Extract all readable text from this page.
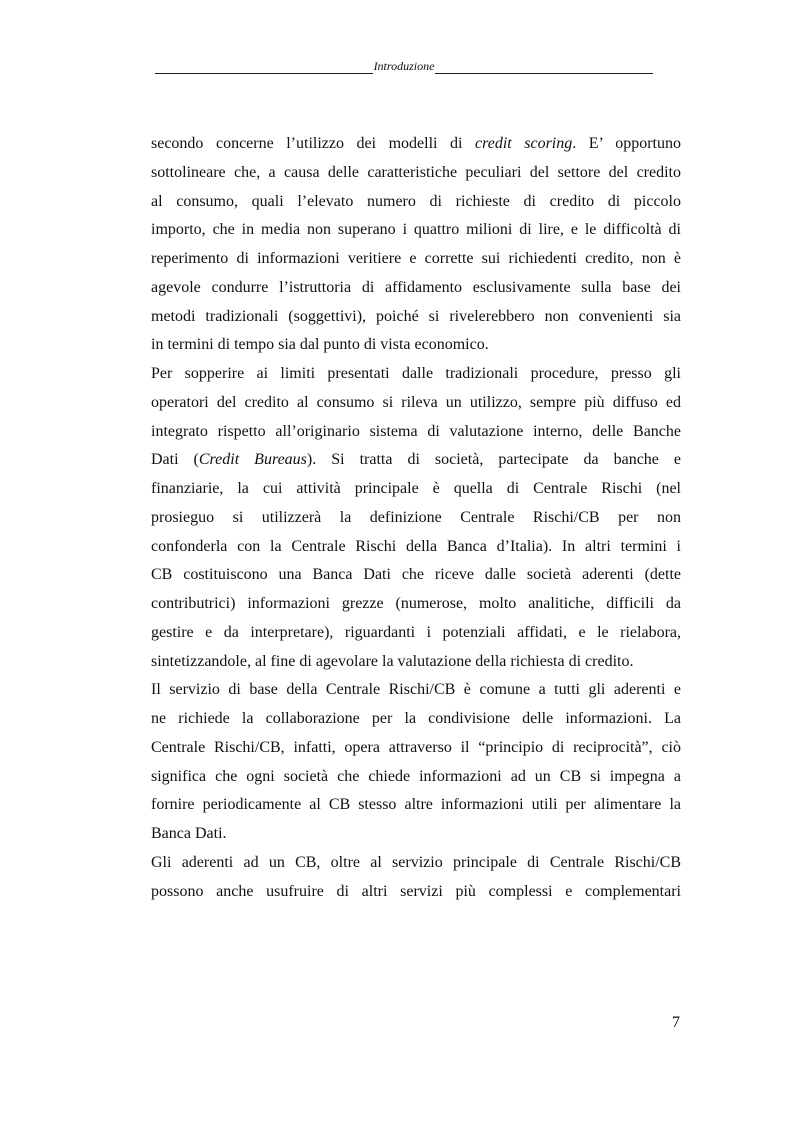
Introduzione
secondo concerne l’utilizzo dei modelli di credit scoring. E’ opportuno
sottolineare che, a causa delle caratteristiche peculiari del settore del credito
al consumo, quali l’elevato numero di richieste di credito di piccolo
importo, che in media non superano i quattro milioni di lire, e le difficoltà di
reperimento di informazioni veritiere e corrette sui richiedenti credito, non è
agevole condurre l’istruttoria di affidamento esclusivamente sulla base dei
metodi tradizionali (soggettivi), poiché si rivelerebbero non convenienti sia
in termini di tempo sia dal punto di vista economico.
Per sopperire ai limiti presentati dalle tradizionali procedure, presso gli
operatori del credito al consumo si rileva un utilizzo, sempre più diffuso ed
integrato rispetto all’originario sistema di valutazione interno, delle Banche
Dati (Credit Bureaus). Si tratta di società, partecipate da banche e
finanziarie, la cui attività principale è quella di Centrale Rischi (nel
prosieguo si utilizzerà la definizione Centrale Rischi/CB per non
confonderla con la Centrale Rischi della Banca d’Italia). In altri termini i
CB costituiscono una Banca Dati che riceve dalle società aderenti (dette
contributrici) informazioni grezze (numerose, molto analitiche, difficili da
gestire e da interpretare), riguardanti i potenziali affidati, e le rielabora,
sintetizzandole, al fine di agevolare la valutazione della richiesta di credito.
Il servizio di base della Centrale Rischi/CB è comune a tutti gli aderenti e
ne richiede la collaborazione per la condivisione delle informazioni. La
Centrale Rischi/CB, infatti, opera attraverso il “principio di reciprocità”, ciò
significa che ogni società che chiede informazioni ad un CB si impegna a
fornire periodicamente al CB stesso altre informazioni utili per alimentare la
Banca Dati.
Gli aderenti ad un CB, oltre al servizio principale di Centrale Rischi/CB
possono anche usufruire di altri servizi più complessi e complementari
7
